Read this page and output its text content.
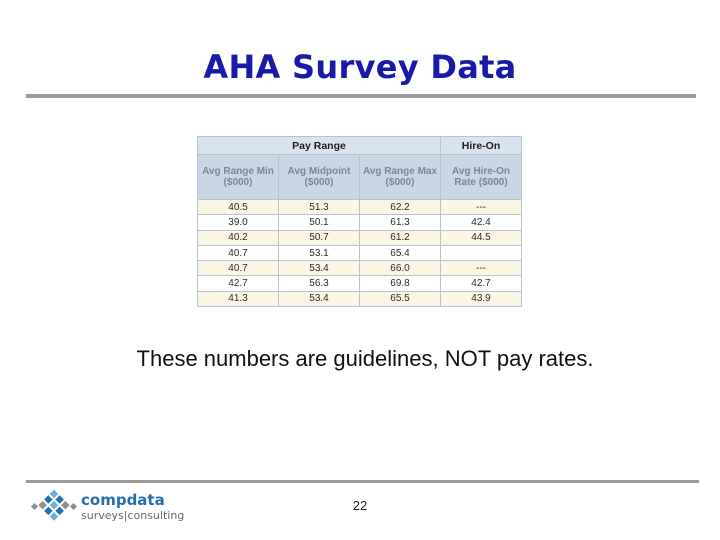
AHA Survey Data
Pay Range			Hire-On
Avg Range Min ($000)	Avg Midpoint ($000)	Avg Range Max ($000)	Avg Hire-On Rate ($000)
40.5	51.3	62.2	---
39.0	50.1	61.3	42.4
40.2	50.7	61.2	44.5
40.7	53.1	65.4	
40.7	53.4	66.0	---
42.7	56.3	69.8	42.7
41.3	53.4	65.5	43.9
These numbers are guidelines, NOT pay rates.
compdata
surveys|consulting
22
